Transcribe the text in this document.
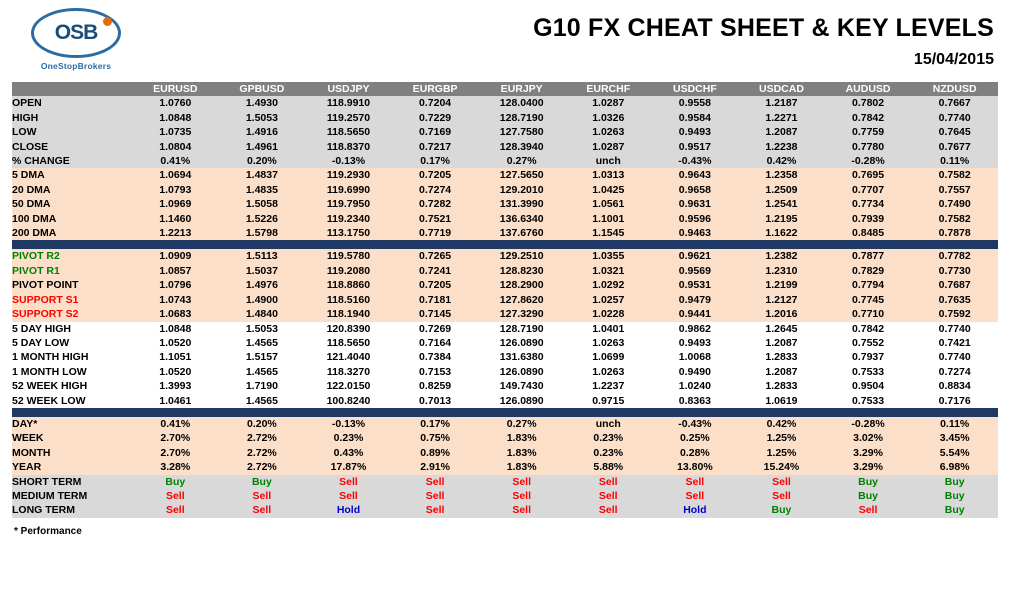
OSB
OneStopBrokers
G10 FX CHEAT SHEET & KEY LEVELS
15/04/2015
	EURUSD	GPBUSD	USDJPY	EURGBP	EURJPY	EURCHF	USDCHF	USDCAD	AUDUSD	NZDUSD
OPEN	1.0760	1.4930	118.9910	0.7204	128.0400	1.0287	0.9558	1.2187	0.7802	0.7667
HIGH	1.0848	1.5053	119.2570	0.7229	128.7190	1.0326	0.9584	1.2271	0.7842	0.7740
LOW	1.0735	1.4916	118.5650	0.7169	127.7580	1.0263	0.9493	1.2087	0.7759	0.7645
CLOSE	1.0804	1.4961	118.8370	0.7217	128.3940	1.0287	0.9517	1.2238	0.7780	0.7677
% CHANGE	0.41%	0.20%	-0.13%	0.17%	0.27%	unch	-0.43%	0.42%	-0.28%	0.11%
5 DMA	1.0694	1.4837	119.2930	0.7205	127.5650	1.0313	0.9643	1.2358	0.7695	0.7582
20 DMA	1.0793	1.4835	119.6990	0.7274	129.2010	1.0425	0.9658	1.2509	0.7707	0.7557
50 DMA	1.0969	1.5058	119.7950	0.7282	131.3990	1.0561	0.9631	1.2541	0.7734	0.7490
100 DMA	1.1460	1.5226	119.2340	0.7521	136.6340	1.1001	0.9596	1.2195	0.7939	0.7582
200 DMA	1.2213	1.5798	113.1750	0.7719	137.6760	1.1545	0.9463	1.1622	0.8485	0.7878

PIVOT R2	1.0909	1.5113	119.5780	0.7265	129.2510	1.0355	0.9621	1.2382	0.7877	0.7782
PIVOT R1	1.0857	1.5037	119.2080	0.7241	128.8230	1.0321	0.9569	1.2310	0.7829	0.7730
PIVOT POINT	1.0796	1.4976	118.8860	0.7205	128.2900	1.0292	0.9531	1.2199	0.7794	0.7687
SUPPORT S1	1.0743	1.4900	118.5160	0.7181	127.8620	1.0257	0.9479	1.2127	0.7745	0.7635
SUPPORT S2	1.0683	1.4840	118.1940	0.7145	127.3290	1.0228	0.9441	1.2016	0.7710	0.7592
5 DAY HIGH	1.0848	1.5053	120.8390	0.7269	128.7190	1.0401	0.9862	1.2645	0.7842	0.7740
5 DAY LOW	1.0520	1.4565	118.5650	0.7164	126.0890	1.0263	0.9493	1.2087	0.7552	0.7421
1 MONTH HIGH	1.1051	1.5157	121.4040	0.7384	131.6380	1.0699	1.0068	1.2833	0.7937	0.7740
1 MONTH LOW	1.0520	1.4565	118.3270	0.7153	126.0890	1.0263	0.9490	1.2087	0.7533	0.7274
52 WEEK HIGH	1.3993	1.7190	122.0150	0.8259	149.7430	1.2237	1.0240	1.2833	0.9504	0.8834
52 WEEK LOW	1.0461	1.4565	100.8240	0.7013	126.0890	0.9715	0.8363	1.0619	0.7533	0.7176

DAY*	0.41%	0.20%	-0.13%	0.17%	0.27%	unch	-0.43%	0.42%	-0.28%	0.11%
WEEK	2.70%	2.72%	0.23%	0.75%	1.83%	0.23%	0.25%	1.25%	3.02%	3.45%
MONTH	2.70%	2.72%	0.43%	0.89%	1.83%	0.23%	0.28%	1.25%	3.29%	5.54%
YEAR	3.28%	2.72%	17.87%	2.91%	1.83%	5.88%	13.80%	15.24%	3.29%	6.98%
SHORT TERM	Buy	Buy	Sell	Sell	Sell	Sell	Sell	Sell	Buy	Buy
MEDIUM TERM	Sell	Sell	Sell	Sell	Sell	Sell	Sell	Sell	Buy	Buy
LONG TERM	Sell	Sell	Hold	Sell	Sell	Sell	Hold	Buy	Sell	Buy
* Performance
